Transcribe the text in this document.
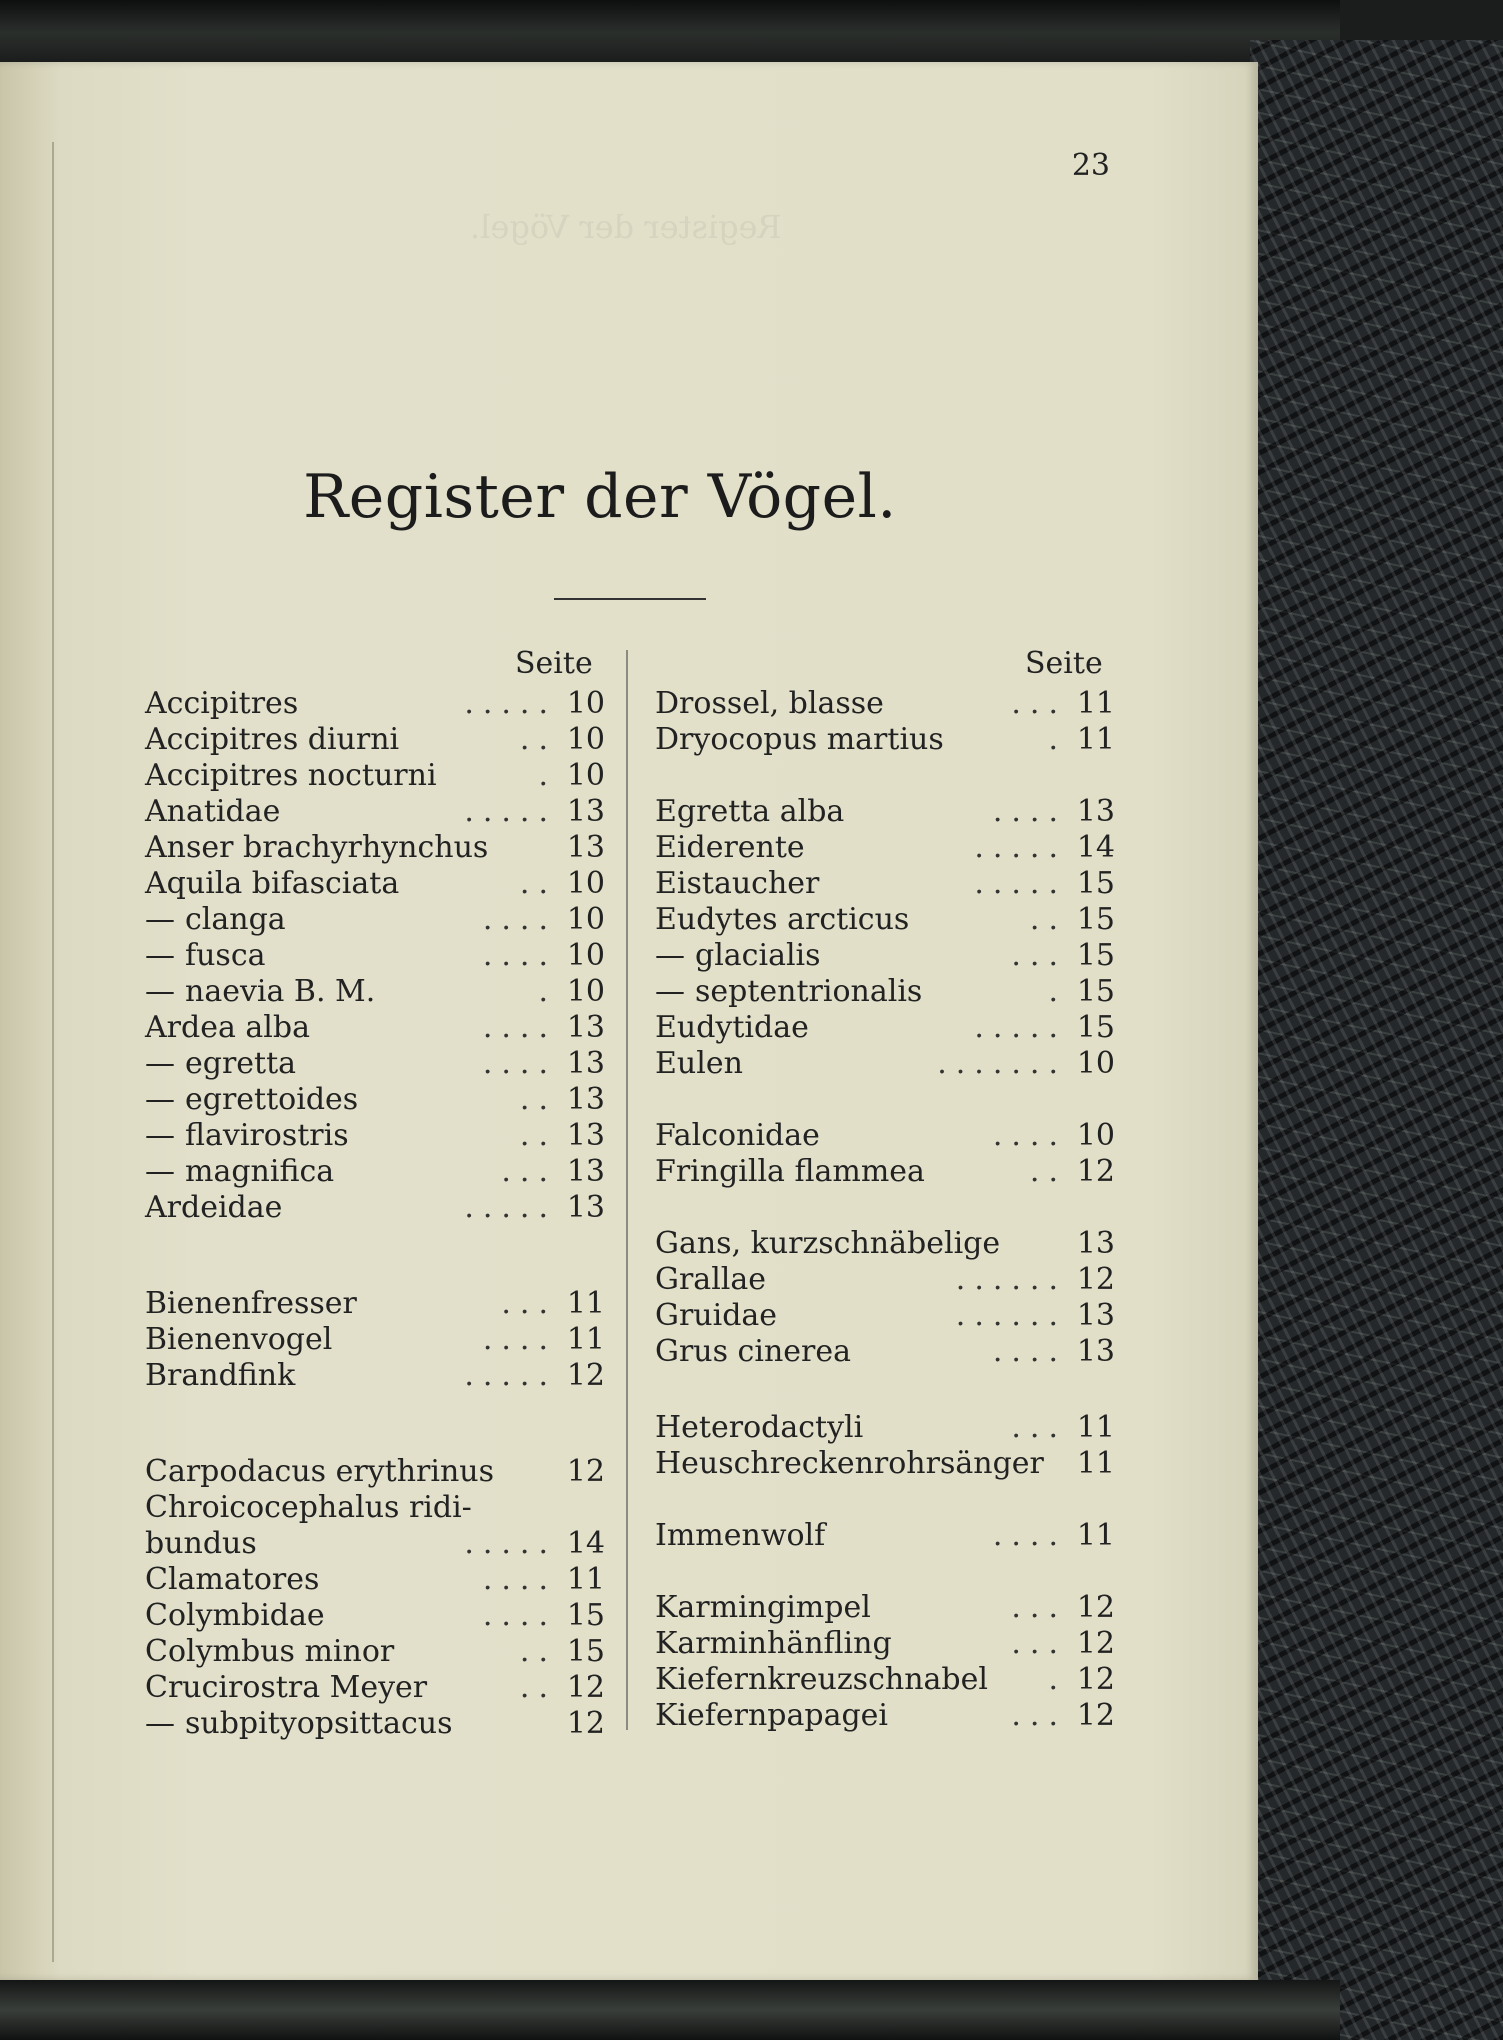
Register der Vögel.
23
Register der Vögel.
Seite	Seite
Accipitres	..... 10
Accipitres diurni	.. 10
Accipitres nocturni	. 10
Anatidae	..... 13
Anser brachyrhynchus	13
Aquila bifasciata	.. 10
— clanga	.... 10
— fusca	.... 10
— naevia B. M.	. 10
Ardea alba	.... 13
— egretta	.... 13
— egrettoides	.. 13
— flavirostris	.. 13
— magnifica	... 13
Ardeidae	..... 13
Bienenfresser	... 11
Bienenvogel	.... 11
Brandfink	..... 12
Carpodacus erythrinus 12
Chroicocephalus ridi-
bundus	..... 14
Clamatores	.... 11
Colymbidae	.... 15
Colymbus minor	.. 15
Crucirostra Meyer	.. 12
— subpityopsittacus	12
Drossel, blasse	... 11
Dryocopus martius	. 11
Egretta alba	.... 13
Eiderente	..... 14
Eistaucher	..... 15
Eudytes arcticus	.. 15
— glacialis	... 15
— septentrionalis	. 15
Eudytidae	..... 15
Eulen	....... 10
Falconidae	.... 10
Fringilla flammea	.. 12
Gans, kurzschnäbelige	13
Grallae	...... 12
Gruidae	...... 13
Grus cinerea	.... 13
Heterodactyli	... 11
Heuschreckenrohrsänger 11
Immenwolf	.... 11
Karmingimpel	... 12
Karminhänfling	... 12
Kiefernkreuzschnabel . 12
Kiefernpapagei	... 12
